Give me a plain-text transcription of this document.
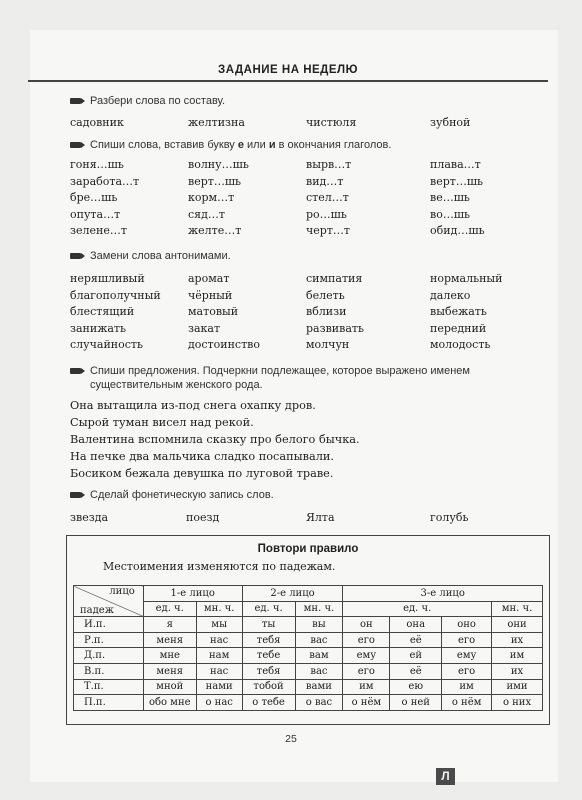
ЗАДАНИЕ НА НЕДЕЛЮ
Разбери слова по составу.
садовник	желтизна	чистюля	зубной
Спиши слова, вставив букву е или и в окончания глаголов.
гоня…шь	волну…шь	вырв…т	плава…т
заработа…т	верт…шь	вид…т	верт…шь
бре…шь	корм…т	стел…т	ве…шь
опута…т	сяд…т	ро…шь	во…шь
зелене…т	желте…т	черт…т	обид…шь
Замени слова антонимами.
неряшливый	аромат	симпатия	нормальный
благополучный	чёрный	белеть	далеко
блестящий	матовый	вблизи	выбежать
занижать	закат	развивать	передний
случайность	достоинство	молчун	молодость
Спиши предложения. Подчеркни подлежащее, которое выражено именем
существительным женского рода.
Она вытащила из-под снега охапку дров.
Сырой туман висел над рекой.
Валентина вспомнила сказку про белого бычка.
На печке два мальчика сладко посапывали.
Босиком бежала девушка по луговой траве.
Сделай фонетическую запись слов.
звезда	поезд	Ялта	голубь
Повтори правило
Местоимения изменяются по падежам.
лицо
падеж	1-е лицо		2-е лицо		3-е лицо			
	ед. ч.	мн. ч.	ед. ч.	мн. ч.	ед. ч.			мн. ч.
И.п.	я	мы	ты	вы	он	она	оно	они
Р.п.	меня	нас	тебя	вас	его	её	его	их
Д.п.	мне	нам	тебе	вам	ему	ей	ему	им
В.п.	меня	нас	тебя	вас	его	её	его	их
Т.п.	мной	нами	тобой	вами	им	ею	им	ими
П.п.	обо мне	о нас	о тебе	о вас	о нём	о ней	о нём	о них
25
Л
